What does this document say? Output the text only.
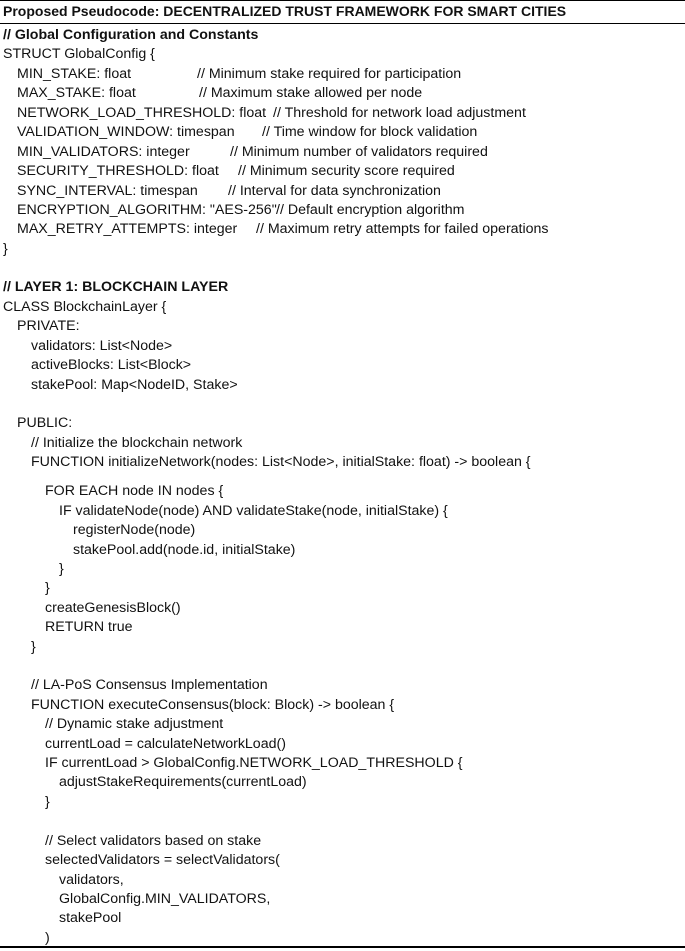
Proposed Pseudocode: DECENTRALIZED TRUST FRAMEWORK FOR SMART CITIES
// Global Configuration and Constants
STRUCT GlobalConfig {
MIN_STAKE: float	// Minimum stake required for participation
MAX_STAKE: float	// Maximum stake allowed per node
NETWORK_LOAD_THRESHOLD: float // Threshold for network load adjustment
VALIDATION_WINDOW: timespan // Time window for block validation
MIN_VALIDATORS: integer	// Minimum number of validators required
SECURITY_THRESHOLD: float // Minimum security score required
SYNC_INTERVAL: timespan // Interval for data synchronization
ENCRYPTION_ALGORITHM: "AES-256" // Default encryption algorithm
MAX_RETRY_ATTEMPTS: integer // Maximum retry attempts for failed operations
}
// LAYER 1: BLOCKCHAIN LAYER
CLASS BlockchainLayer {
PRIVATE:
validators: List<Node>
activeBlocks: List<Block>
stakePool: Map<NodeID, Stake>
PUBLIC:
// Initialize the blockchain network
FUNCTION initializeNetwork(nodes: List<Node>, initialStake: float) -> boolean {
FOR EACH node IN nodes {
IF validateNode(node) AND validateStake(node, initialStake) {
registerNode(node)
stakePool.add(node.id, initialStake)
}
}
createGenesisBlock()
RETURN true
}
// LA-PoS Consensus Implementation
FUNCTION executeConsensus(block: Block) -> boolean {
// Dynamic stake adjustment
currentLoad = calculateNetworkLoad()
IF currentLoad > GlobalConfig.NETWORK_LOAD_THRESHOLD {
adjustStakeRequirements(currentLoad)
}
// Select validators based on stake
selectedValidators = selectValidators(
validators,
GlobalConfig.MIN_VALIDATORS,
stakePool
)
